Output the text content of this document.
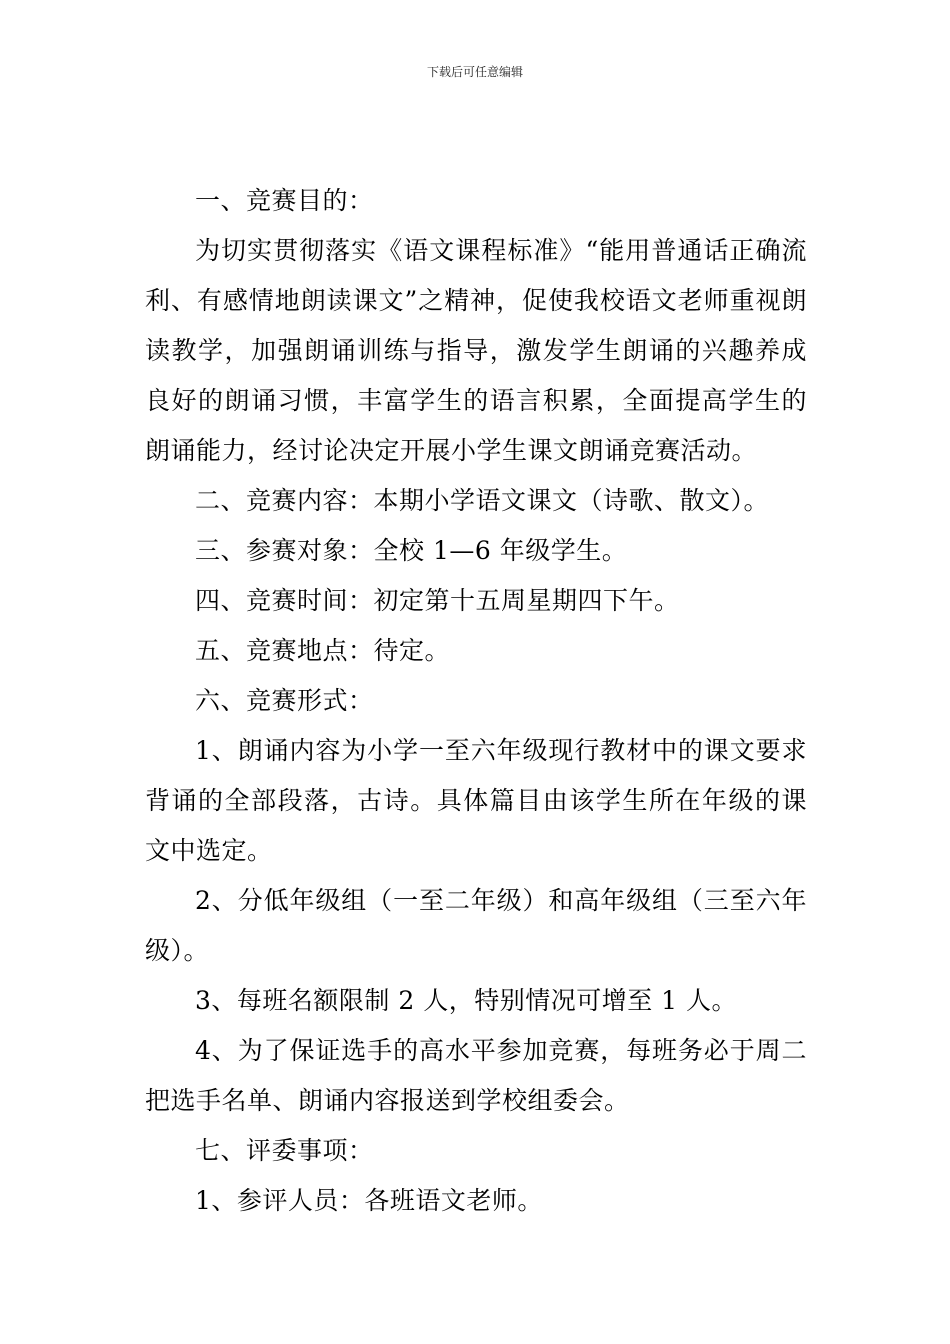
下载后可任意编辑

一、竞赛目的：

为切实贯彻落实《语文课程标准》“能用普通话正确流利、有感情地朗读课文”之精神，促使我校语文老师重视朗读教学，加强朗诵训练与指导，激发学生朗诵的兴趣养成良好的朗诵习惯，丰富学生的语言积累，全面提高学生的朗诵能力，经讨论决定开展小学生课文朗诵竞赛活动。

二、竞赛内容：本期小学语文课文（诗歌、散文）。

三、参赛对象：全校 1—6 年级学生。

四、竞赛时间：初定第十五周星期四下午。

五、竞赛地点：待定。

六、竞赛形式：

1、朗诵内容为小学一至六年级现行教材中的课文要求背诵的全部段落，古诗。具体篇目由该学生所在年级的课文中选定。

2、分低年级组（一至二年级）和高年级组（三至六年级）。

3、每班名额限制 2 人，特别情况可增至 1 人。

4、为了保证选手的高水平参加竞赛，每班务必于周二把选手名单、朗诵内容报送到学校组委会。

七、评委事项：

1、参评人员：各班语文老师。
